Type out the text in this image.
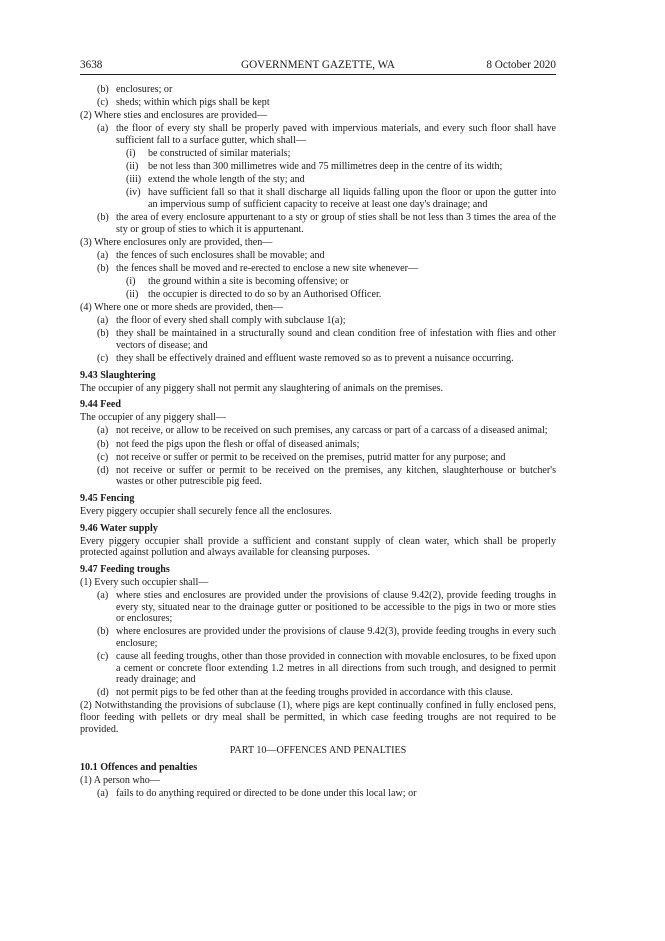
3638	GOVERNMENT GAZETTE, WA	8 October 2020
(b) enclosures; or
(c) sheds; within which pigs shall be kept
(2) Where sties and enclosures are provided—
(a) the floor of every sty shall be properly paved with impervious materials, and every such floor shall have sufficient fall to a surface gutter, which shall—
(i)	be constructed of similar materials;
(ii) be not less than 300 millimetres wide and 75 millimetres deep in the centre of its width;
(iii) extend the whole length of the sty; and
(iv) have sufficient fall so that it shall discharge all liquids falling upon the floor or upon the gutter into an impervious sump of sufficient capacity to receive at least one day's drainage; and
(b) the area of every enclosure appurtenant to a sty or group of sties shall be not less than 3 times the area of the sty or group of sties to which it is appurtenant.
(3) Where enclosures only are provided, then—
(a) the fences of such enclosures shall be movable; and
(b) the fences shall be moved and re-erected to enclose a new site whenever—
(i)	the ground within a site is becoming offensive; or
(ii) the occupier is directed to do so by an Authorised Officer.
(4) Where one or more sheds are provided, then—
(a) the floor of every shed shall comply with subclause 1(a);
(b) they shall be maintained in a structurally sound and clean condition free of infestation with flies and other vectors of disease; and
(c) they shall be effectively drained and effluent waste removed so as to prevent a nuisance occurring.
9.43 Slaughtering
The occupier of any piggery shall not permit any slaughtering of animals on the premises.
9.44 Feed
The occupier of any piggery shall—
(a) not receive, or allow to be received on such premises, any carcass or part of a carcass of a diseased animal;
(b) not feed the pigs upon the flesh or offal of diseased animals;
(c) not receive or suffer or permit to be received on the premises, putrid matter for any purpose; and
(d) not receive or suffer or permit to be received on the premises, any kitchen, slaughterhouse or butcher's wastes or other putrescible pig feed.
9.45 Fencing
Every piggery occupier shall securely fence all the enclosures.
9.46 Water supply
Every piggery occupier shall provide a sufficient and constant supply of clean water, which shall be properly protected against pollution and always available for cleansing purposes.
9.47 Feeding troughs
(1) Every such occupier shall—
(a) where sties and enclosures are provided under the provisions of clause 9.42(2), provide feeding troughs in every sty, situated near to the drainage gutter or positioned to be accessible to the pigs in two or more sties or enclosures;
(b) where enclosures are provided under the provisions of clause 9.42(3), provide feeding troughs in every such enclosure;
(c) cause all feeding troughs, other than those provided in connection with movable enclosures, to be fixed upon a cement or concrete floor extending 1.2 metres in all directions from such trough, and designed to permit ready drainage; and
(d) not permit pigs to be fed other than at the feeding troughs provided in accordance with this clause.
(2) Notwithstanding the provisions of subclause (1), where pigs are kept continually confined in fully enclosed pens, floor feeding with pellets or dry meal shall be permitted, in which case feeding troughs are not required to be provided.
PART 10—OFFENCES AND PENALTIES
10.1 Offences and penalties
(1) A person who—
(a) fails to do anything required or directed to be done under this local law; or
